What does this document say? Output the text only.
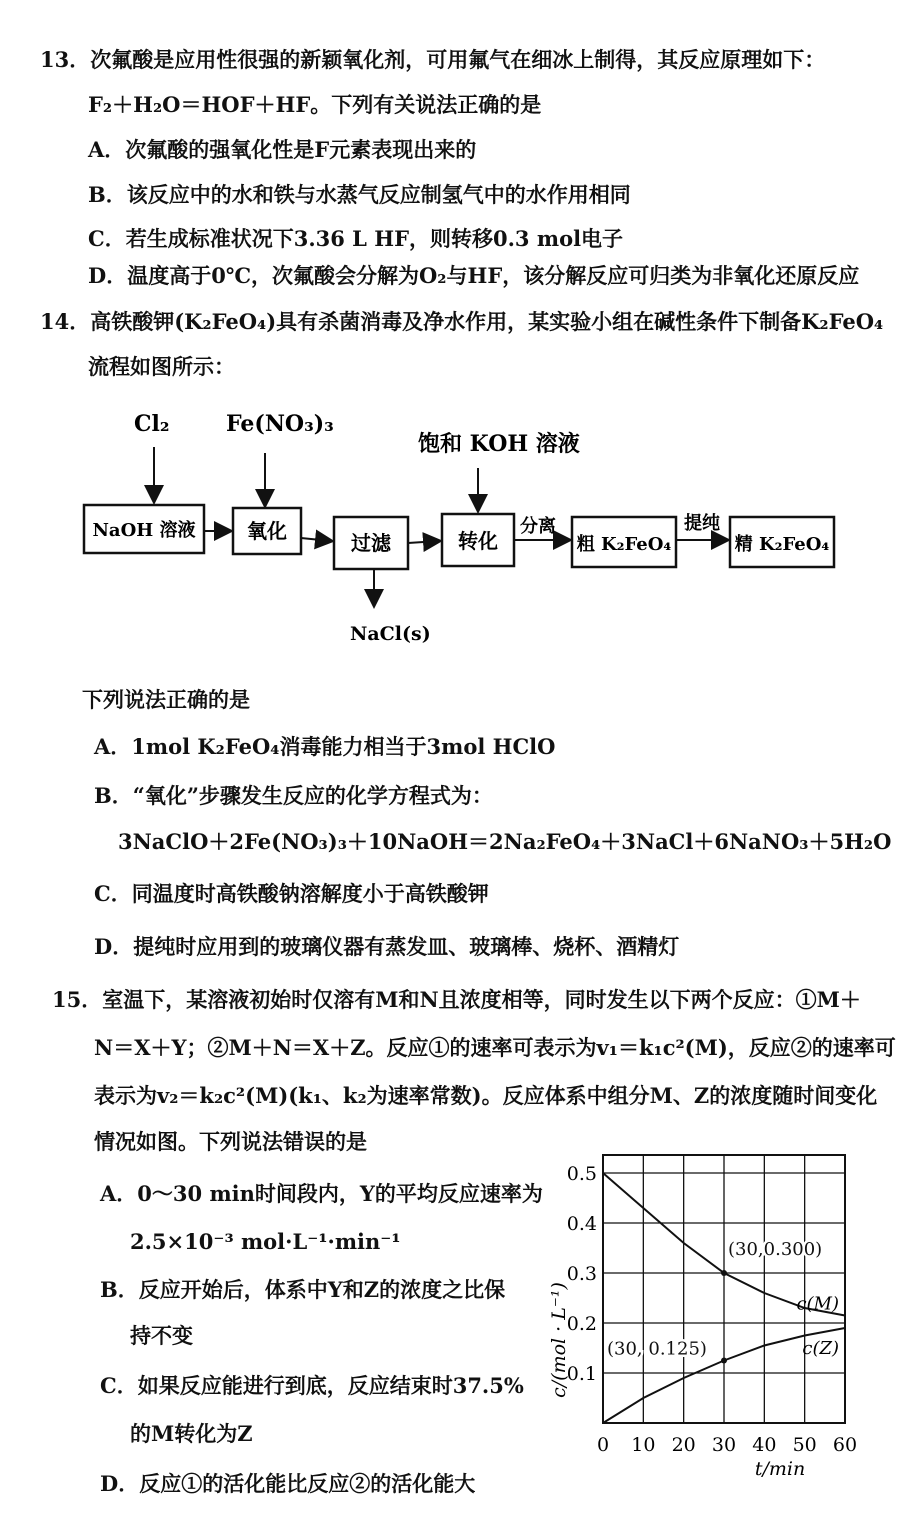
13．次氟酸是应用性很强的新颖氧化剂，可用氟气在细冰上制得，其反应原理如下：
F₂＋H₂O＝HOF＋HF。下列有关说法正确的是
A．次氟酸的强氧化性是F元素表现出来的
B．该反应中的水和铁与水蒸气反应制氢气中的水作用相同
C．若生成标准状况下3.36 L HF，则转移0.3 mol电子
D．温度高于0℃，次氟酸会分解为O₂与HF，该分解反应可归类为非氧化还原反应
14．高铁酸钾(K₂FeO₄)具有杀菌消毒及净水作用，某实验小组在碱性条件下制备K₂FeO₄
流程如图所示：
Cl₂	Fe(NO₃)₃
饱和 KOH 溶液
NaOH 溶液	氧化	过滤	转化	粗 K₂FeO₄	精 K₂FeO₄
分离	提纯
NaCl(s)
下列说法正确的是
A．1mol K₂FeO₄消毒能力相当于3mol HClO
B．“氧化”步骤发生反应的化学方程式为：
3NaClO＋2Fe(NO₃)₃＋10NaOH＝2Na₂FeO₄＋3NaCl＋6NaNO₃＋5H₂O
C．同温度时高铁酸钠溶解度小于高铁酸钾
D．提纯时应用到的玻璃仪器有蒸发皿、玻璃棒、烧杯、酒精灯
15．室温下，某溶液初始时仅溶有M和N且浓度相等，同时发生以下两个反应：①M＋
N＝X＋Y；②M＋N＝X＋Z。反应①的速率可表示为v₁＝k₁c²(M)，反应②的速率可
表示为v₂＝k₂c²(M)(k₁、k₂为速率常数)。反应体系中组分M、Z的浓度随时间变化
情况如图。下列说法错误的是
A．0～30 min时间段内，Y的平均反应速率为
2.5×10⁻³ mol·L⁻¹·min⁻¹
B．反应开始后，体系中Y和Z的浓度之比保
持不变
C．如果反应能进行到底，反应结束时37.5%
的M转化为Z
D．反应①的活化能比反应②的活化能大
c/(mol · L⁻¹)
t/min
0 10 20 30 40 50 60
0.1
0.2
0.3
0.4
0.5
c(M)
c(Z)
(30,0.300)
(30, 0.125)
